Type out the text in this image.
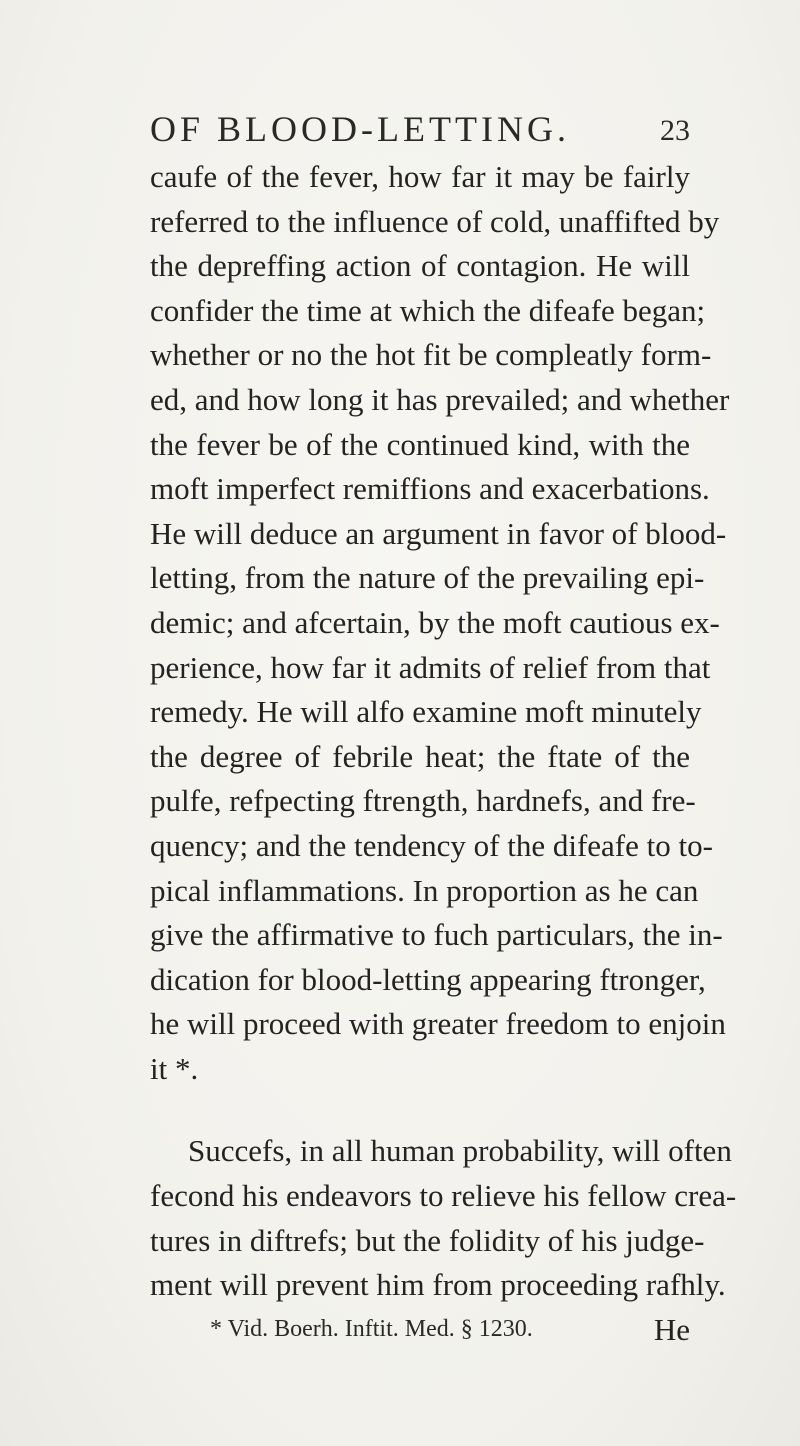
OF BLOOD-LETTING.	23
caufe of the fever, how far it may be fairly
referred to the influence of cold, unaffifted by
the depreffing action of contagion. He will
confider the time at which the difeafe began;
whether or no the hot fit be compleatly form-
ed, and how long it has prevailed; and whether
the fever be of the continued kind, with the
moft imperfect remiffions and exacerbations.
He will deduce an argument in favor of blood-
letting, from the nature of the prevailing epi-
demic; and afcertain, by the moft cautious ex-
perience, how far it admits of relief from that
remedy. He will alfo examine moft minutely
the degree of febrile heat; the ftate of the
pulfe, refpecting ftrength, hardnefs, and fre-
quency; and the tendency of the difeafe to to-
pical inflammations. In proportion as he can
give the affirmative to fuch particulars, the in-
dication for blood-letting appearing ftronger,
he will proceed with greater freedom to enjoin
it *.
Succefs, in all human probability, will often
fecond his endeavors to relieve his fellow crea-
tures in diftrefs; but the folidity of his judge-
ment will prevent him from proceeding rafhly.
He
* Vid. Boerh. Inftit. Med. § 1230.
